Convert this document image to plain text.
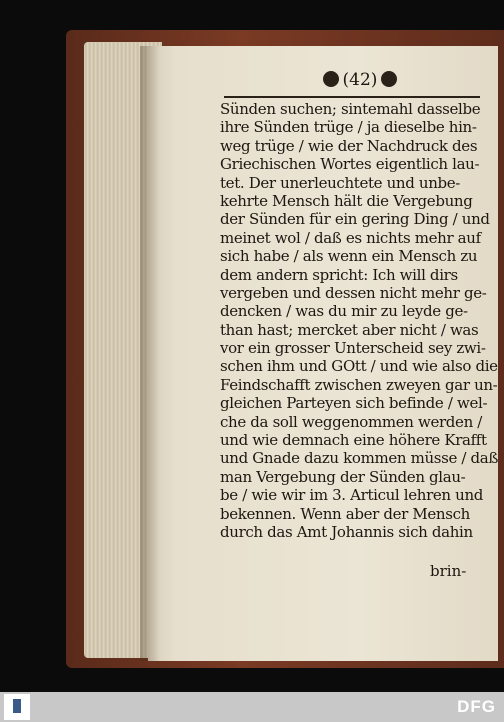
(42)
Sünden suchen; sintemahl dasselbe
ihre Sünden trüge / ja dieselbe hin-
weg trüge / wie der Nachdruck des
Griechischen Wortes eigentlich lau-
tet. Der unerleuchtete und unbe-
kehrte Mensch hält die Vergebung
der Sünden für ein gering Ding / und
meinet wol / daß es nichts mehr auf
sich habe / als wenn ein Mensch zu
dem andern spricht: Ich will dirs
vergeben und dessen nicht mehr ge-
dencken / was du mir zu leyde ge-
than hast; mercket aber nicht / was
vor ein grosser Unterscheid sey zwi-
schen ihm und GOtt / und wie also die
Feindschafft zwischen zweyen gar un-
gleichen Parteyen sich befinde / wel-
che da soll weggenommen werden /
und wie demnach eine höhere Krafft
und Gnade dazu kommen müsse / daß
man Vergebung der Sünden glau-
be / wie wir im 3. Articul lehren und
bekennen. Wenn aber der Mensch
durch das Amt Johannis sich dahin
brin-
DFG
